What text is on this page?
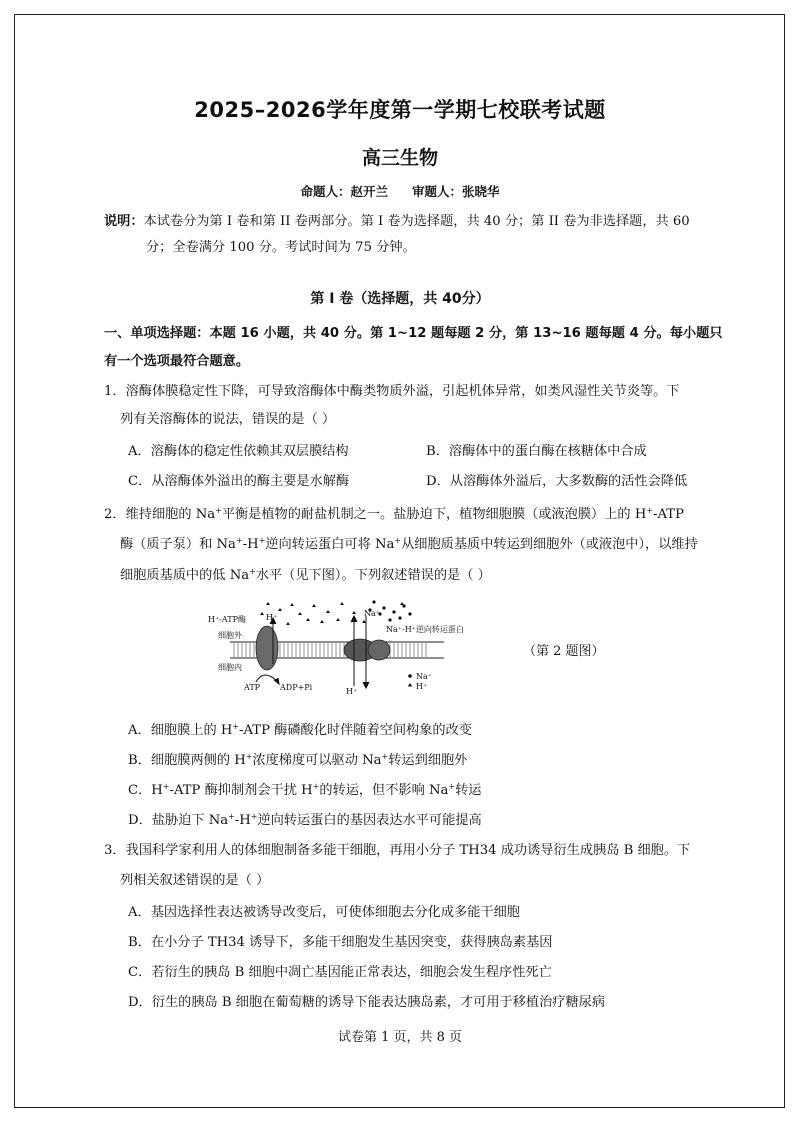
2025–2026学年度第一学期七校联考试题
高三生物
命题人：赵开兰 审题人：张晓华
说明：本试卷分为第 I 卷和第 II 卷两部分。第 I 卷为选择题，共 40 分；第 II 卷为非选择题，共 60
分；全卷满分 100 分。考试时间为 75 分钟。
第 I 卷（选择题，共 40分）
一、单项选择题：本题 16 小题，共 40 分。第 1~12 题每题 2 分，第 13~16 题每题 4 分。每小题只
有一个选项最符合题意。
1．溶酶体膜稳定性下降，可导致溶酶体中酶类物质外溢，引起机体异常，如类风湿性关节炎等。下
列有关溶酶体的说法，错误的是（ ）
A．溶酶体的稳定性依赖其双层膜结构	B．溶酶体中的蛋白酶在核糖体中合成
C．从溶酶体外溢出的酶主要是水解酶	D．从溶酶体外溢后，大多数酶的活性会降低
2．维持细胞的 Na+平衡是植物的耐盐机制之一。盐胁迫下，植物细胞膜（或液泡膜）上的 H+-ATP
酶（质子泵）和 Na+-H+逆向转运蛋白可将 Na+从细胞质基质中转运到细胞外（或液泡中），以维持
细胞质基质中的低 Na+水平（见下图）。下列叙述错误的是（ ）
H⁺-ATP酶	H⁺
细胞外
细胞内
ATP ADP+Pi
Na⁺
Na⁺-H⁺逆向转运蛋白
H⁺
Na⁺
H⁺
（第 2 题图）
A．细胞膜上的 H+-ATP 酶磷酸化时伴随着空间构象的改变
B．细胞膜两侧的 H+浓度梯度可以驱动 Na+转运到细胞外
C．H+-ATP 酶抑制剂会干扰 H+的转运，但不影响 Na+转运
D．盐胁迫下 Na+-H+逆向转运蛋白的基因表达水平可能提高
3．我国科学家利用人的体细胞制备多能干细胞，再用小分子 TH34 成功诱导衍生成胰岛 B 细胞。下
列相关叙述错误的是（ ）
A．基因选择性表达被诱导改变后，可使体细胞去分化成多能干细胞
B．在小分子 TH34 诱导下，多能干细胞发生基因突变，获得胰岛素基因
C．若衍生的胰岛 B 细胞中凋亡基因能正常表达，细胞会发生程序性死亡
D．衍生的胰岛 B 细胞在葡萄糖的诱导下能表达胰岛素，才可用于移植治疗糖尿病
试卷第 1 页，共 8 页
